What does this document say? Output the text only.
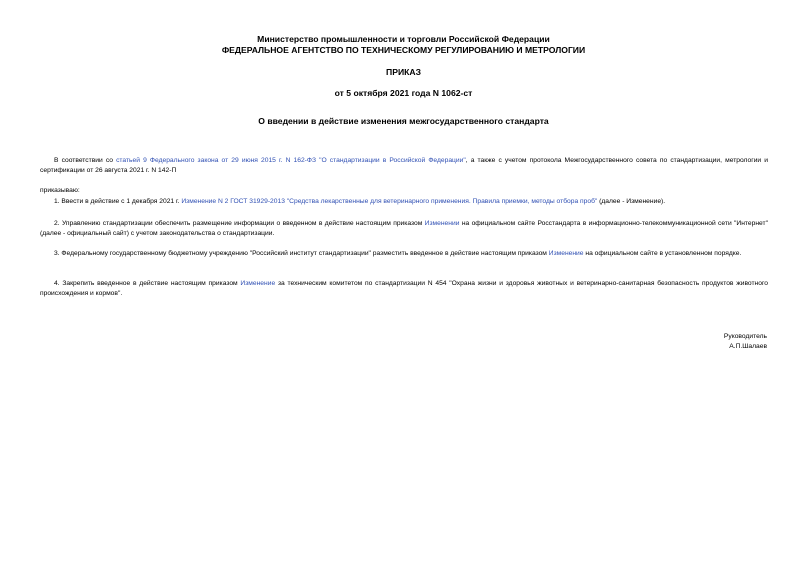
Министерство промышленности и торговли Российской Федерации
ФЕДЕРАЛЬНОЕ АГЕНТСТВО ПО ТЕХНИЧЕСКОМУ РЕГУЛИРОВАНИЮ И МЕТРОЛОГИИ
ПРИКАЗ
от 5 октября 2021 года N 1062-ст
О введении в действие изменения межгосударственного стандарта
В соответствии со статьей 9 Федерального закона от 29 июня 2015 г. N 162-ФЗ "О стандартизации в Российской Федерации", а также с учетом протокола Межгосударственного совета по стандартизации, метрологии и сертификации от 26 августа 2021 г. N 142-П
приказываю:
1. Ввести в действие с 1 декабря 2021 г. Изменение N 2 ГОСТ 31929-2013 "Средства лекарственные для ветеринарного применения. Правила приемки, методы отбора проб" (далее - Изменение).
2. Управлению стандартизации обеспечить размещение информации о введенном в действие настоящим приказом Изменении на официальном сайте Росстандарта в информационно-телекоммуникационной сети "Интернет" (далее - официальный сайт) с учетом законодательства о стандартизации.
3. Федеральному государственному бюджетному учреждению "Российский институт стандартизации" разместить введенное в действие настоящим приказом Изменение на официальном сайте в установленном порядке.
4. Закрепить введенное в действие настоящим приказом Изменение за техническим комитетом по стандартизации N 454 "Охрана жизни и здоровья животных и ветеринарно-санитарная безопасность продуктов животного происхождения и кормов".
Руководитель
А.П.Шалаев
